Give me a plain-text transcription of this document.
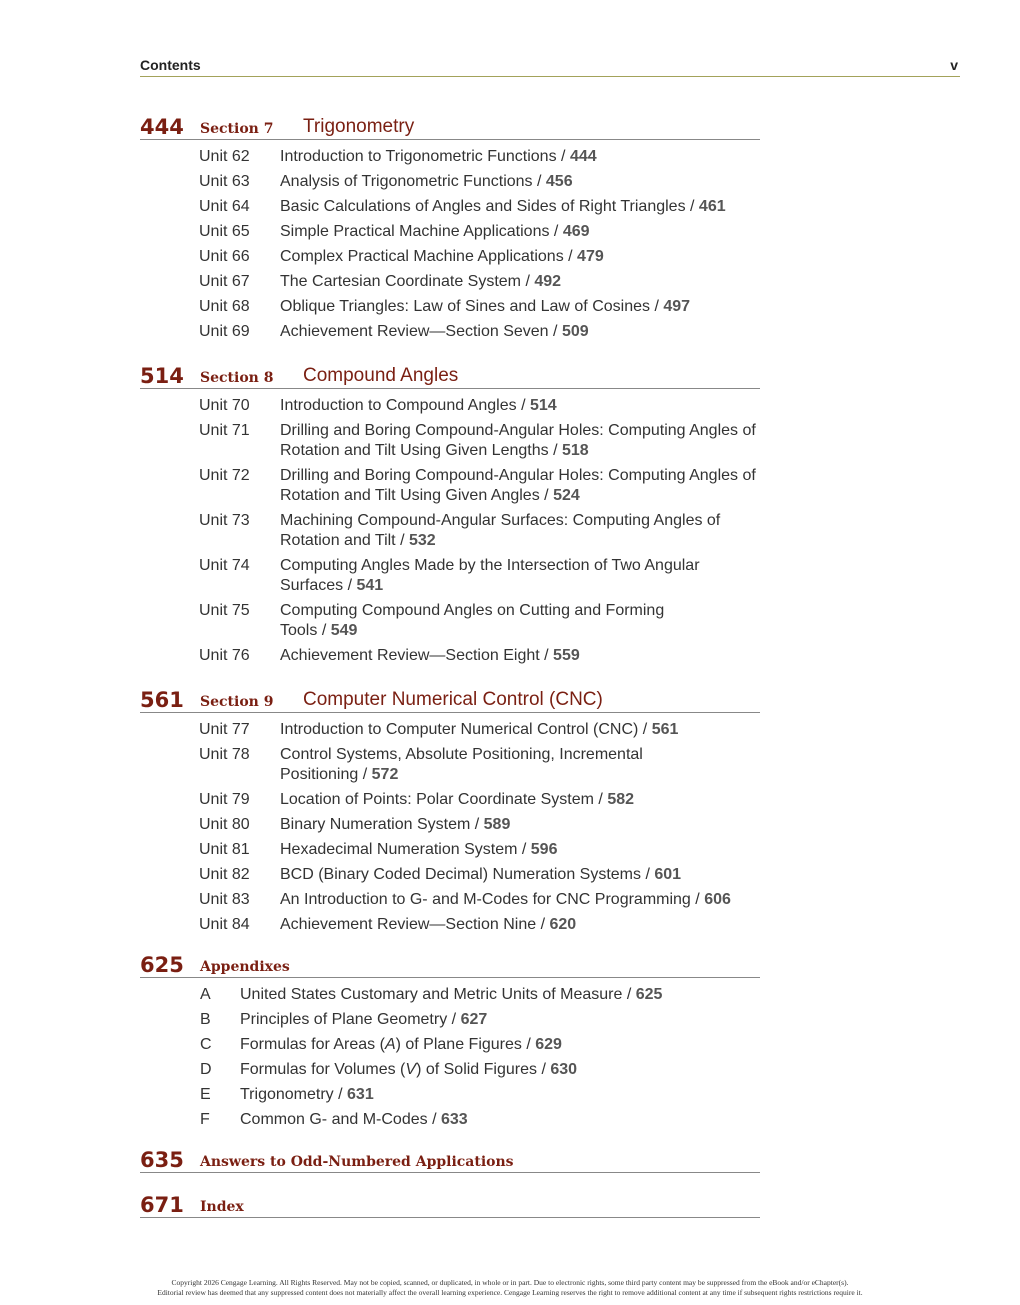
Contents	v
444 Section 7 Trigonometry
Unit 62 Introduction to Trigonometric Functions / 444
Unit 63 Analysis of Trigonometric Functions / 456
Unit 64 Basic Calculations of Angles and Sides of Right Triangles / 461
Unit 65 Simple Practical Machine Applications / 469
Unit 66 Complex Practical Machine Applications / 479
Unit 67 The Cartesian Coordinate System / 492
Unit 68 Oblique Triangles: Law of Sines and Law of Cosines / 497
Unit 69 Achievement Review—Section Seven / 509
514 Section 8 Compound Angles
Unit 70 Introduction to Compound Angles / 514
Unit 71 Drilling and Boring Compound-Angular Holes: Computing Angles of Rotation and Tilt Using Given Lengths / 518
Unit 72 Drilling and Boring Compound-Angular Holes: Computing Angles of Rotation and Tilt Using Given Angles / 524
Unit 73 Machining Compound-Angular Surfaces: Computing Angles of Rotation and Tilt / 532
Unit 74 Computing Angles Made by the Intersection of Two Angular Surfaces / 541
Unit 75 Computing Compound Angles on Cutting and Forming Tools / 549
Unit 76 Achievement Review—Section Eight / 559
561 Section 9 Computer Numerical Control (CNC)
Unit 77 Introduction to Computer Numerical Control (CNC) / 561
Unit 78 Control Systems, Absolute Positioning, Incremental Positioning / 572
Unit 79 Location of Points: Polar Coordinate System / 582
Unit 80 Binary Numeration System / 589
Unit 81 Hexadecimal Numeration System / 596
Unit 82 BCD (Binary Coded Decimal) Numeration Systems / 601
Unit 83 An Introduction to G- and M-Codes for CNC Programming / 606
Unit 84 Achievement Review—Section Nine / 620
625 Appendixes
A United States Customary and Metric Units of Measure / 625
B Principles of Plane Geometry / 627
C Formulas for Areas (A) of Plane Figures / 629
D Formulas for Volumes (V) of Solid Figures / 630
E Trigonometry / 631
F Common G- and M-Codes / 633
635 Answers to Odd-Numbered Applications
671 Index
Copyright 2026 Cengage Learning. All Rights Reserved. May not be copied, scanned, or duplicated, in whole or in part. Due to electronic rights, some third party content may be suppressed from the eBook and/or eChapter(s).
Editorial review has deemed that any suppressed content does not materially affect the overall learning experience. Cengage Learning reserves the right to remove additional content at any time if subsequent rights restrictions require it.
